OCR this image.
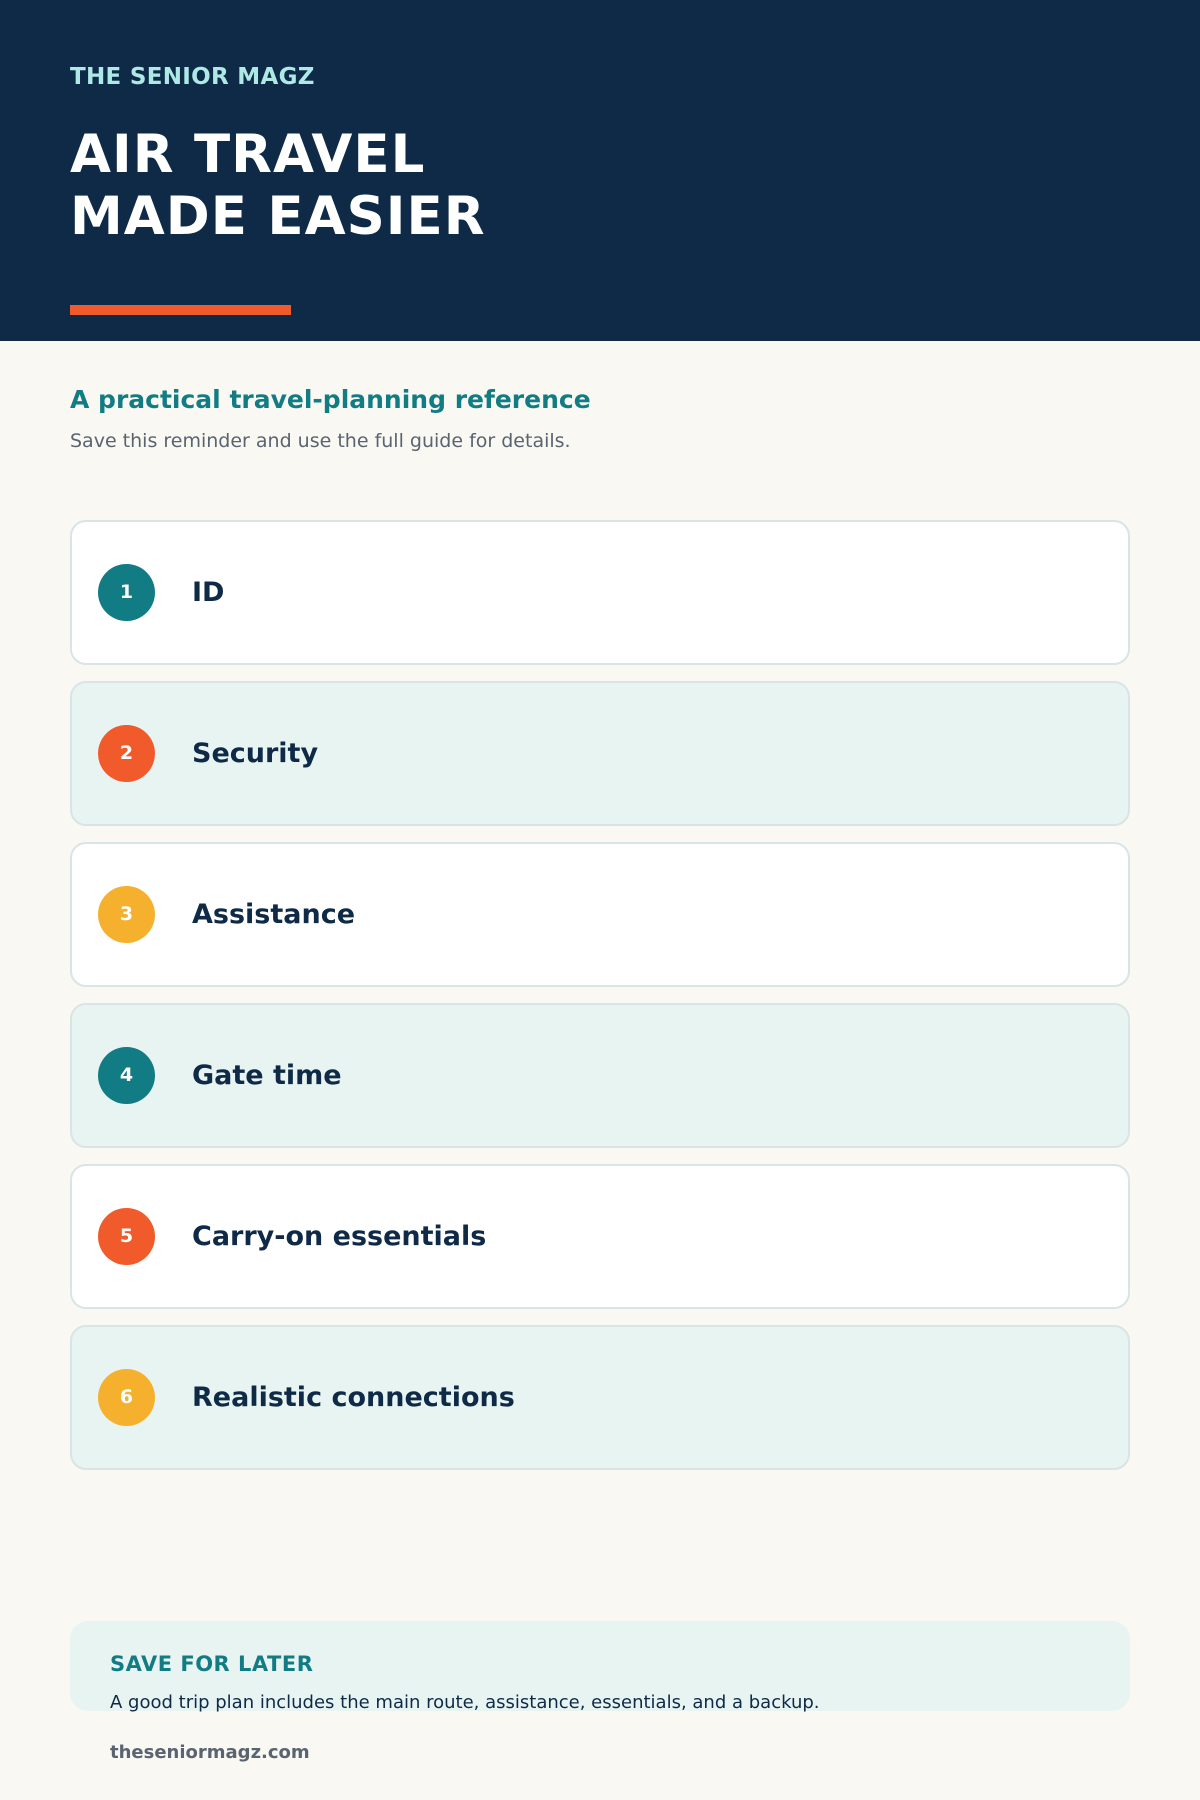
THE SENIOR MAGZ
AIR TRAVEL
MADE EASIER
A practical travel-planning reference
Save this reminder and use the full guide for details.
1	ID
2	Security
3	Assistance
4	Gate time
5	Carry-on essentials
6	Realistic connections
SAVE FOR LATER
A good trip plan includes the main route, assistance, essentials, and a backup.
theseniormagz.com
